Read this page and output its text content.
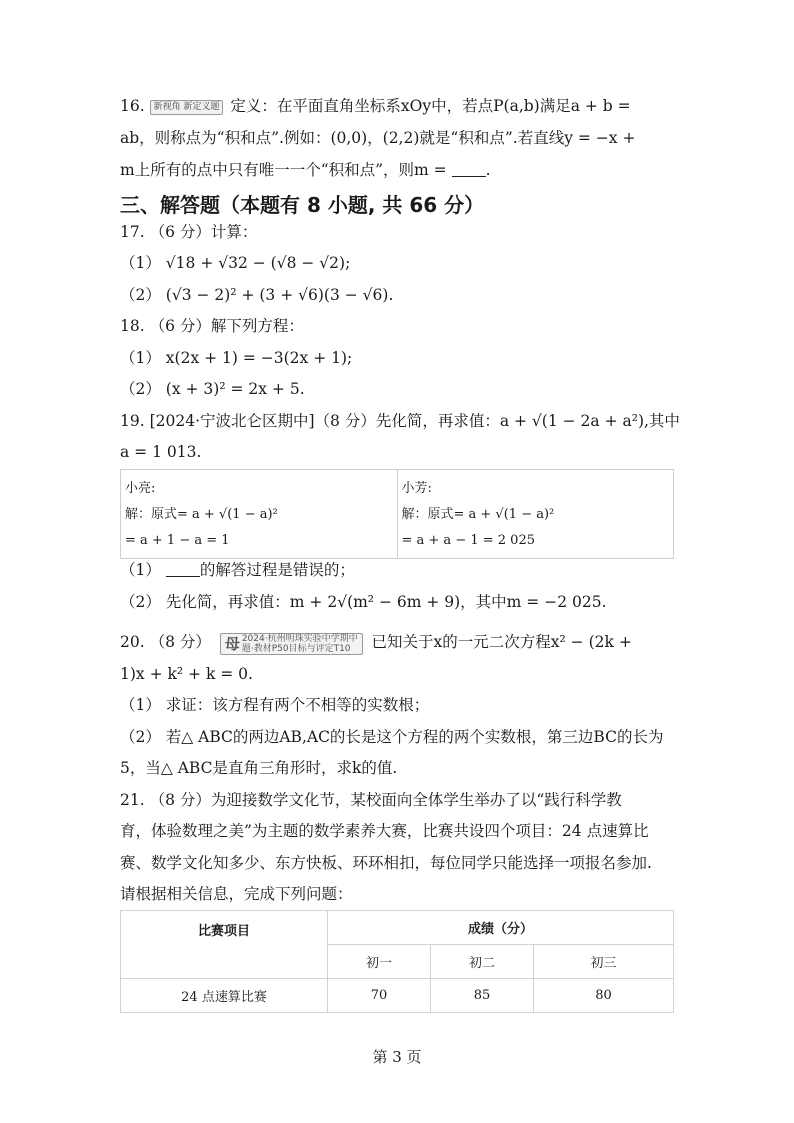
16. 新视角 新定义题 定义：在平面直角坐标系xOy中，若点P(a,b)满足a + b =
ab，则称点为“积和点”.例如：(0,0)，(2,2)就是“积和点”.若直线y = −x +
m上所有的点中只有唯一一个“积和点”，则m =	.
三、解答题（本题有 8 小题, 共 66 分）
17. （6 分）计算：
（1） √18 + √32 − (√8 − √2);
（2） (√3 − 2)² + (3 + √6)(3 − √6).
18. （6 分）解下列方程：
（1） x(2x + 1) = −3(2x + 1);
（2） (x + 3)² = 2x + 5.
19. [2024·宁波北仑区期中]（8 分）先化简，再求值：a + √(1 − 2a + a²),其中
a = 1 013.
小亮:
解：原式= a + √(1 − a)²
= a + 1 − a = 1

小芳:
解：原式= a + √(1 − a)²
= a + a − 1 = 2 025
（1）	的解答过程是错误的；
（2） 先化简，再求值：m + 2√(m² − 6m + 9)，其中m = −2 025.
20. （8 分） 母 2024·杭州明珠实验中学期中
题·教材P50目标与评定T10	已知关于x的一元二次方程x² − (2k +
1)x + k² + k = 0.
（1） 求证：该方程有两个不相等的实数根；
（2） 若△ ABC的两边AB,AC的长是这个方程的两个实数根，第三边BC的长为
5，当△ ABC是直角三角形时，求k的值.
21. （8 分）为迎接数学文化节，某校面向全体学生举办了以“践行科学教
育，体验数理之美”为主题的数学素养大赛，比赛共设四个项目：24 点速算比
赛、数学文化知多少、东方快板、环环相扣，每位同学只能选择一项报名参加.
请根据相关信息，完成下列问题：
比赛项目	成绩（分）		
	初一	初二	初三
24 点速算比赛	70	85	80
第 3 页
